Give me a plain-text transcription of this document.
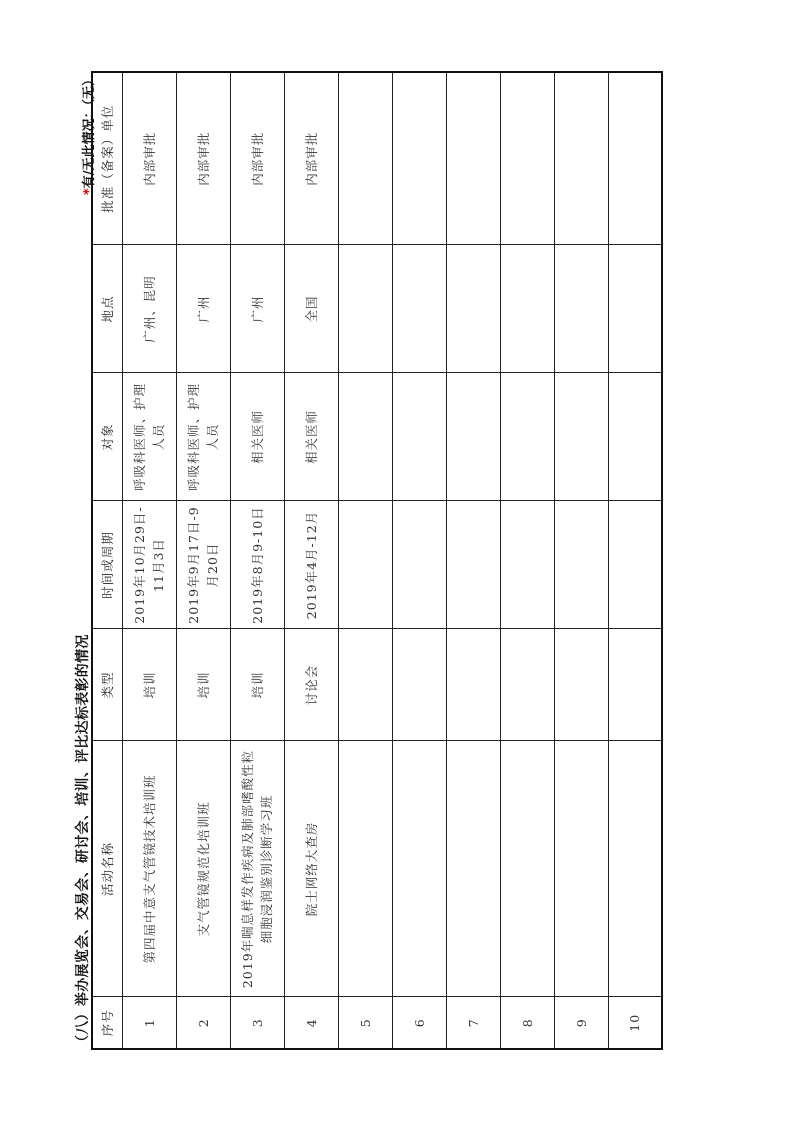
（八）举办展览会、交易会、研讨会、培训、评比达标表彰的情况
*有/无此情况：（无）
序号	活动名称	类型	时间或周期	对象	地点	批准（备案）单位
1	第四届中意支气管镜技术培训班	培训	2019年10月29日-11月3日	呼吸科医师、护理人员	广州、昆明	内部审批
2	支气管镜规范化培训班	培训	2019年9月17日-9月20日	呼吸科医师、护理人员	广州	内部审批
3	2019年喘息样发作疾病及肺部嗜酸性粒细胞浸润鉴别诊断学习班	培训	2019年8月9-10日	相关医师	广州	内部审批
4	院士网络大查房	讨论会	2019年4月-12月	相关医师	全国	内部审批
5						
6						
7						
8						
9						
10						
